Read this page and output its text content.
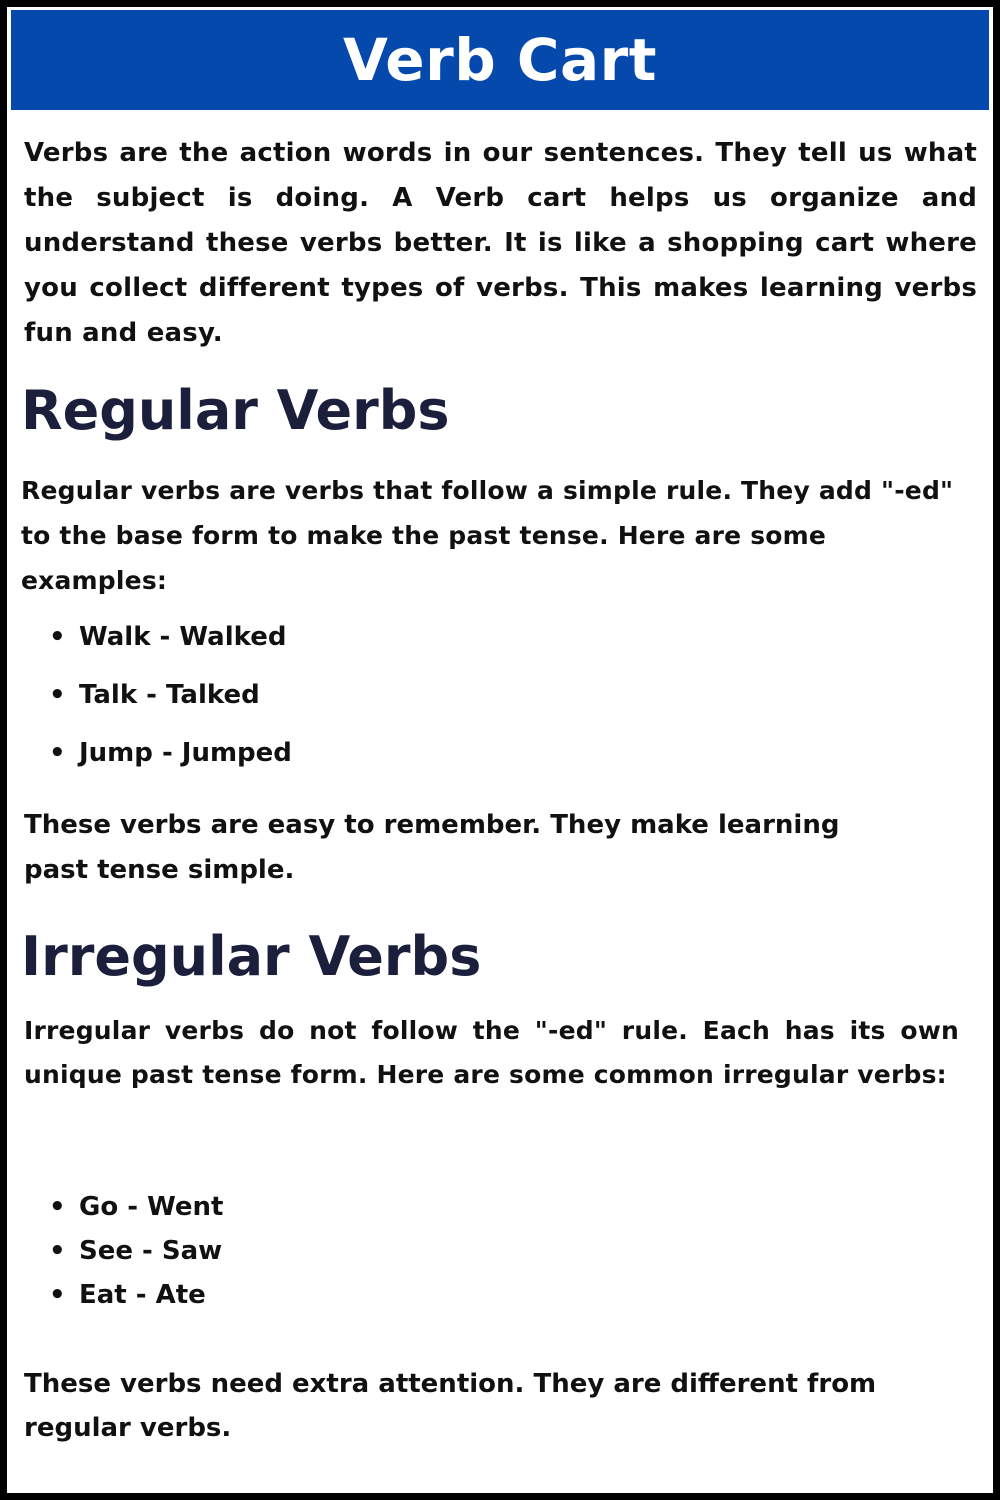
Verb Cart

Verbs are the action words in our sentences. They tell us what the subject is doing. A Verb cart helps us organize and understand these verbs better. It is like a shopping cart where you collect different types of verbs. This makes learning verbs fun and easy.

Regular Verbs

Regular verbs are verbs that follow a simple rule. They add "-ed" to the base form to make the past tense. Here are some examples:

• Walk - Walked
• Talk - Talked
• Jump - Jumped

These verbs are easy to remember. They make learning
past tense simple.

Irregular Verbs

Irregular verbs do not follow the "-ed" rule. Each has its own unique past tense form. Here are some common irregular verbs:

• Go - Went
• See - Saw
• Eat - Ate

These verbs need extra attention. They are different from
regular verbs.
